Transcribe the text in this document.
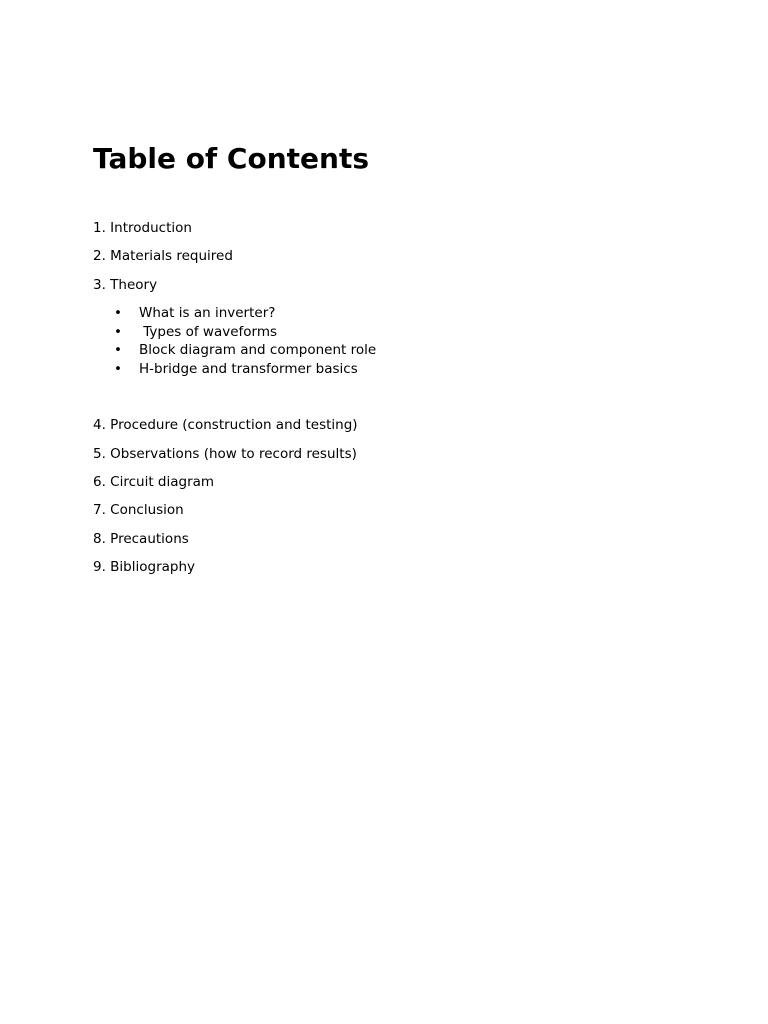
Table of Contents

1. Introduction

2. Materials required

3. Theory

•

What is an inverter?

•

Types of waveforms

•

Block diagram and component role

•

H-bridge and transformer basics

4. Procedure (construction and testing)

5. Observations (how to record results)

6. Circuit diagram

7. Conclusion

8. Precautions

9. Bibliography
